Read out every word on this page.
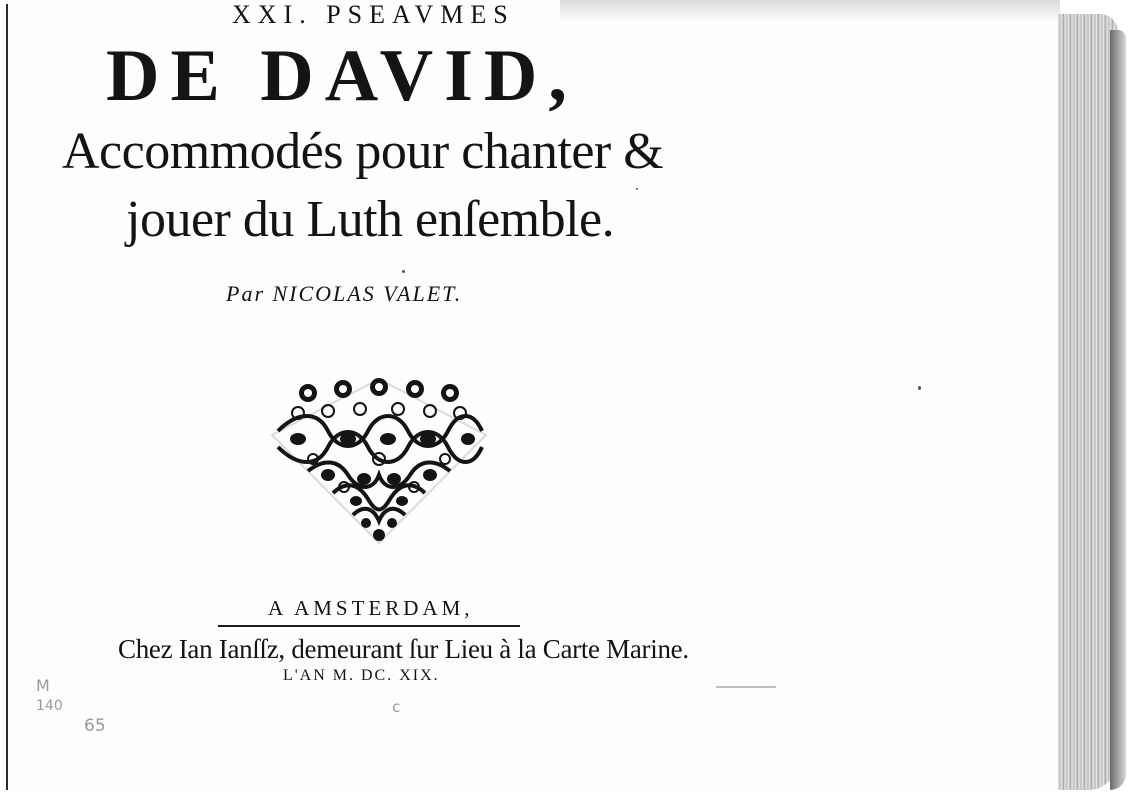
XXI. PSEAVMES
DE DAVID,
Accommodés pour chanter &
jouer du Luth enſemble.
Par NICOLAS VALET.
A AMSTERDAM,
Chez Ian Ianſſz, demeurant ſur Lieu à la Carte Marine.
L'AN M. DC. XIX.
M
140
65
c
